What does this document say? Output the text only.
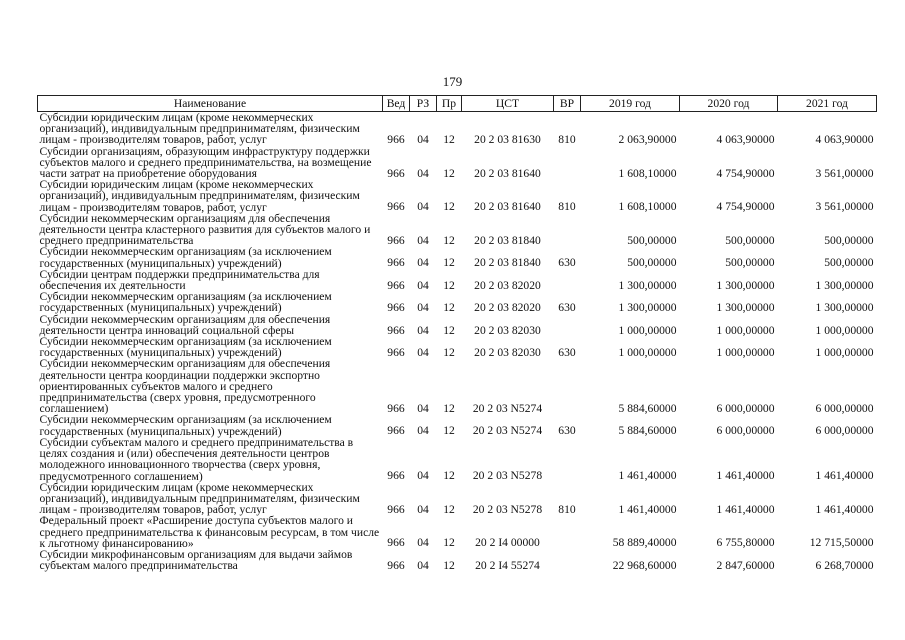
179
Наименование	Вед	РЗ	Пр	ЦСТ	ВР	2019 год	2020 год	2021 год
Субсидии юридическим лицам (кроме некоммерческих организаций), индивидуальным предпринимателям, физическим лицам - производителям товаров, работ, услуг	966	04	12	20 2 03 81630	810	2 063,90000	4 063,90000	4 063,90000
Субсидии организациям, образующим инфраструктуру поддержки субъектов малого и среднего предпринимательства, на возмещение части затрат на приобретение оборудования	966	04	12	20 2 03 81640		1 608,10000	4 754,90000	3 561,00000
Субсидии юридическим лицам (кроме некоммерческих организаций), индивидуальным предпринимателям, физическим лицам - производителям товаров, работ, услуг	966	04	12	20 2 03 81640	810	1 608,10000	4 754,90000	3 561,00000
Субсидии некоммерческим организациям для обеспечения деятельности центра кластерного развития для субъектов малого и среднего предпринимательства	966	04	12	20 2 03 81840		500,00000	500,00000	500,00000
Субсидии некоммерческим организациям (за исключением государственных (муниципальных) учреждений)	966	04	12	20 2 03 81840	630	500,00000	500,00000	500,00000
Субсидии центрам поддержки предпринимательства для обеспечения их деятельности	966	04	12	20 2 03 82020		1 300,00000	1 300,00000	1 300,00000
Субсидии некоммерческим организациям (за исключением государственных (муниципальных) учреждений)	966	04	12	20 2 03 82020	630	1 300,00000	1 300,00000	1 300,00000
Субсидии некоммерческим организациям для обеспечения деятельности центра инноваций социальной сферы	966	04	12	20 2 03 82030		1 000,00000	1 000,00000	1 000,00000
Субсидии некоммерческим организациям (за исключением государственных (муниципальных) учреждений)	966	04	12	20 2 03 82030	630	1 000,00000	1 000,00000	1 000,00000
Субсидии некоммерческим организациям для обеспечения деятельности центра координации поддержки экспортно ориентированных субъектов малого и среднего предпринимательства (сверх уровня, предусмотренного соглашением)	966	04	12	20 2 03 N5274		5 884,60000	6 000,00000	6 000,00000
Субсидии некоммерческим организациям (за исключением государственных (муниципальных) учреждений)	966	04	12	20 2 03 N5274	630	5 884,60000	6 000,00000	6 000,00000
Субсидии субъектам малого и среднего предпринимательства в целях создания и (или) обеспечения деятельности центров молодежного инновационного творчества (сверх уровня, предусмотренного соглашением)	966	04	12	20 2 03 N5278		1 461,40000	1 461,40000	1 461,40000
Субсидии юридическим лицам (кроме некоммерческих организаций), индивидуальным предпринимателям, физическим лицам - производителям товаров, работ, услуг	966	04	12	20 2 03 N5278	810	1 461,40000	1 461,40000	1 461,40000
Федеральный проект «Расширение доступа субъектов малого и среднего предпринимательства к финансовым ресурсам, в том числе к льготному финансированию»	966	04	12	20 2 I4 00000		58 889,40000	6 755,80000	12 715,50000
Субсидии микрофинансовым организациям для выдачи займов субъектам малого предпринимательства	966	04	12	20 2 I4 55274		22 968,60000	2 847,60000	6 268,70000
